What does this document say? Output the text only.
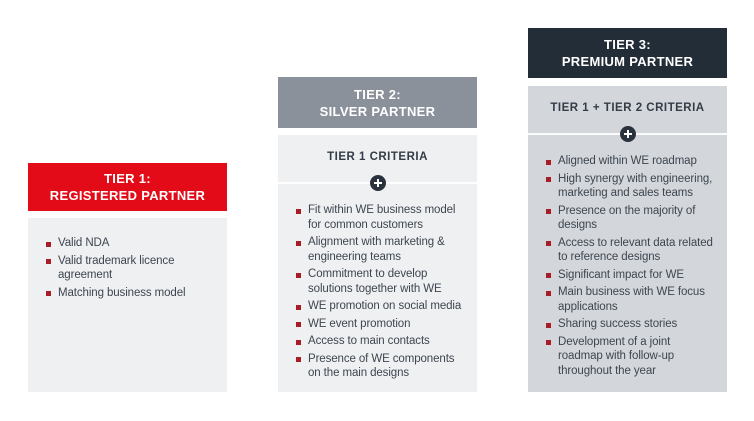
TIER 1:
REGISTERED PARTNER
Valid NDA
Valid trademark licence agreement
Matching business model
TIER 2:
SILVER PARTNER

TIER 1 CRITERIA

Fit within WE business model for common customers
Alignment with marketing & engineering teams
Commitment to develop solutions together with WE
WE promotion on social media
WE event promotion
Access to main contacts
Presence of WE components on the main designs
TIER 3:
PREMIUM PARTNER

TIER 1 + TIER 2 CRITERIA

Aligned within WE roadmap
High synergy with engineering, marketing and sales teams
Presence on the majority of designs
Access to relevant data related to reference designs
Significant impact for WE
Main business with WE focus applications
Sharing success stories
Development of a joint roadmap with follow-up throughout the year
